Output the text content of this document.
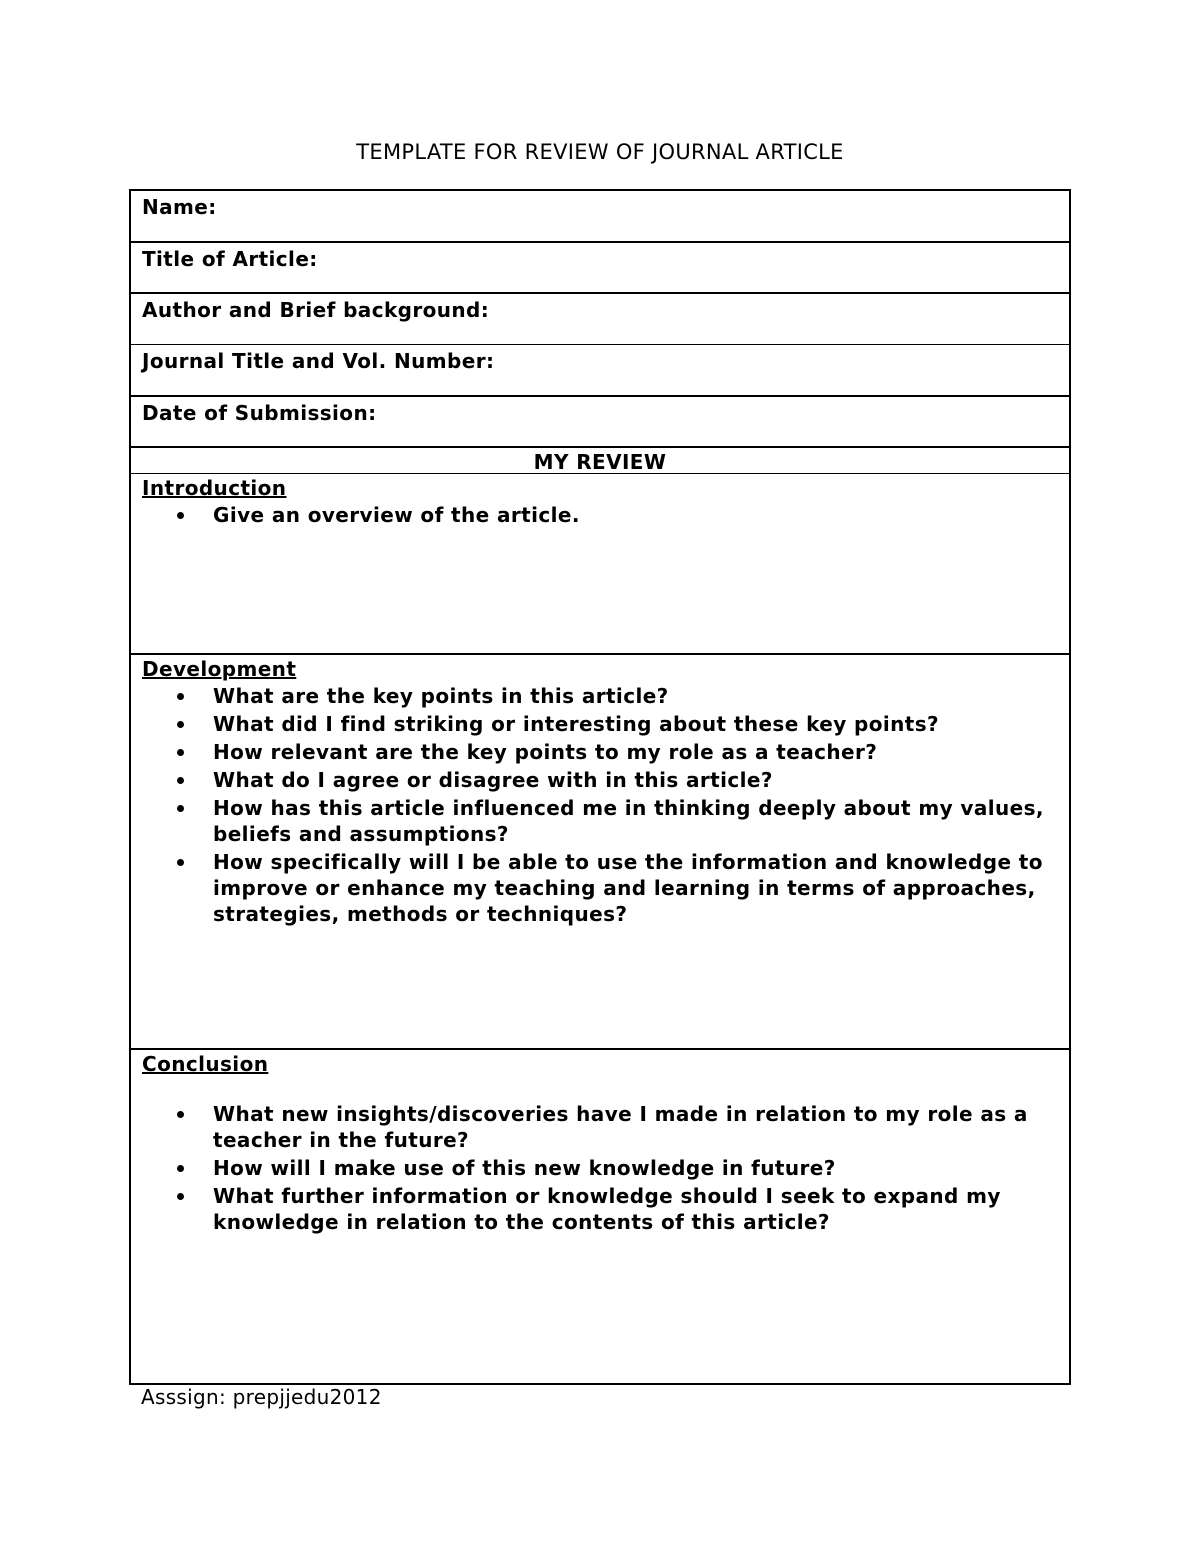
TEMPLATE FOR REVIEW OF JOURNAL ARTICLE
Name:
Title of Article:
Author and Brief background:
Journal Title and Vol. Number:
Date of Submission:
MY REVIEW
Introduction
Give an overview of the article.
Development
What are the key points in this article?
What did I find striking or interesting about these key points?
How relevant are the key points to my role as a teacher?
What do I agree or disagree with in this article?
How has this article influenced me in thinking deeply about my values, beliefs and assumptions?
How specifically will I be able to use the information and knowledge to improve or enhance my teaching and learning in terms of approaches, strategies, methods or techniques?
Conclusion
What new insights/discoveries have I made in relation to my role as a teacher in the future?
How will I make use of this new knowledge in future?
What further information or knowledge should I seek to expand my knowledge in relation to the contents of this article?
Asssign: prepjjedu2012
